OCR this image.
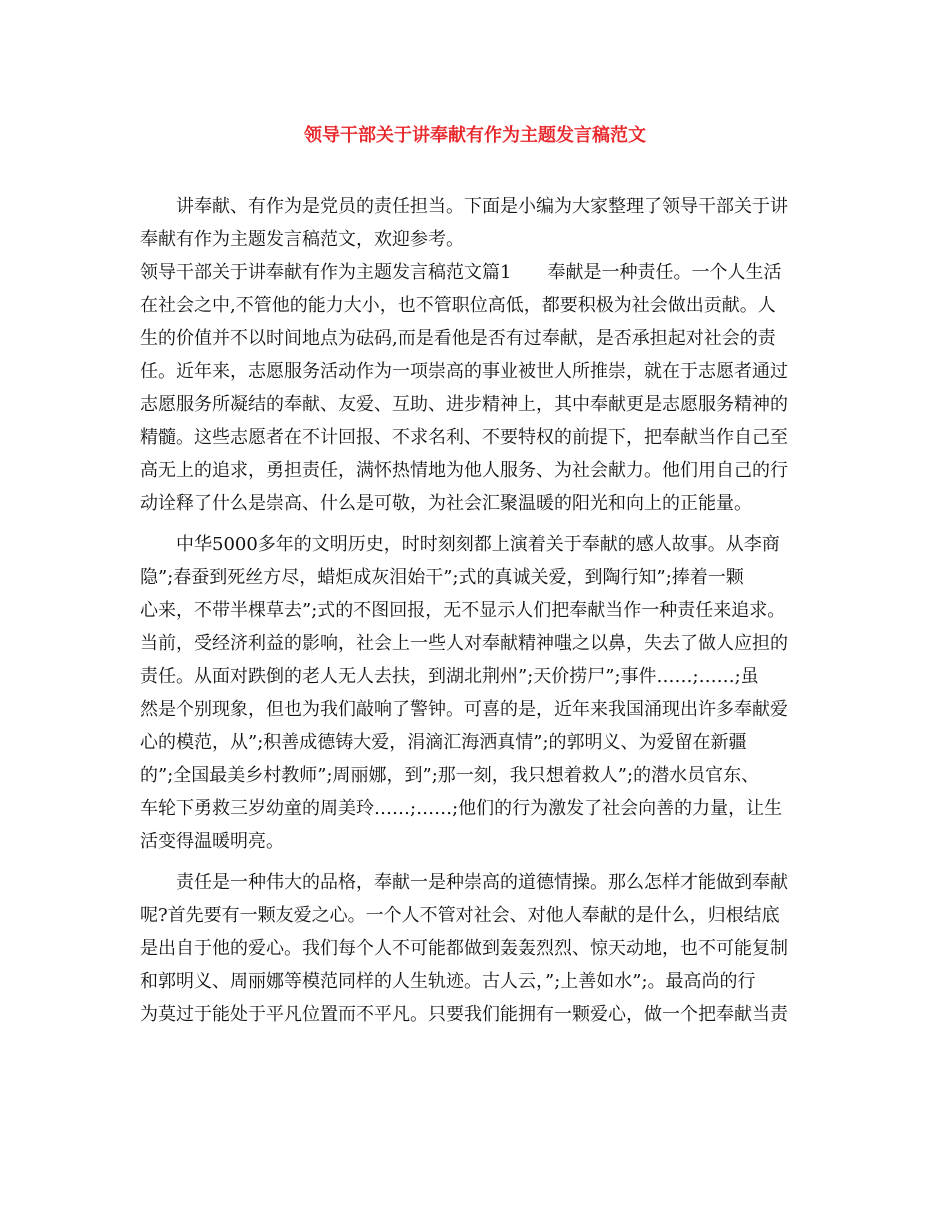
领导干部关于讲奉献有作为主题发言稿范文
讲奉献、有作为是党员的责任担当。下面是小编为大家整理了领导干部关于讲
奉献有作为主题发言稿范文，欢迎参考。
领导干部关于讲奉献有作为主题发言稿范文篇1 奉献是一种责任。一个人生活
在社会之中,不管他的能力大小，也不管职位高低，都要积极为社会做出贡献。人
生的价值并不以时间地点为砝码,而是看他是否有过奉献，是否承担起对社会的责
任。近年来，志愿服务活动作为一项崇高的事业被世人所推崇，就在于志愿者通过
志愿服务所凝结的奉献、友爱、互助、进步精神上，其中奉献更是志愿服务精神的
精髓。这些志愿者在不计回报、不求名利、不要特权的前提下，把奉献当作自己至
高无上的追求，勇担责任，满怀热情地为他人服务、为社会献力。他们用自己的行
动诠释了什么是崇高、什么是可敬，为社会汇聚温暖的阳光和向上的正能量。
中华5000多年的文明历史，时时刻刻都上演着关于奉献的感人故事。从李商
隐”;春蚕到死丝方尽，蜡炬成灰泪始干”;式的真诚关爱，到陶行知”;捧着一颗
心来，不带半棵草去”;式的不图回报，无不显示人们把奉献当作一种责任来追求。
当前，受经济利益的影响，社会上一些人对奉献精神嗤之以鼻，失去了做人应担的
责任。从面对跌倒的老人无人去扶，到湖北荆州”;天价捞尸”;事件……;……;虽
然是个别现象，但也为我们敲响了警钟。可喜的是，近年来我国涌现出许多奉献爱
心的模范，从”;积善成德铸大爱，涓滴汇海洒真情”;的郭明义、为爱留在新疆
的”;全国最美乡村教师”;周丽娜，到”;那一刻，我只想着救人”;的潜水员官东、
车轮下勇救三岁幼童的周美玲……;……;他们的行为激发了社会向善的力量，让生
活变得温暖明亮。
责任是一种伟大的品格，奉献一是种崇高的道德情操。那么怎样才能做到奉献
呢?首先要有一颗友爱之心。一个人不管对社会、对他人奉献的是什么，归根结底
是出自于他的爱心。我们每个人不可能都做到轰轰烈烈、惊天动地，也不可能复制
和郭明义、周丽娜等模范同样的人生轨迹。古人云，”;上善如水”;。最高尚的行
为莫过于能处于平凡位置而不平凡。只要我们能拥有一颗爱心，做一个把奉献当责
